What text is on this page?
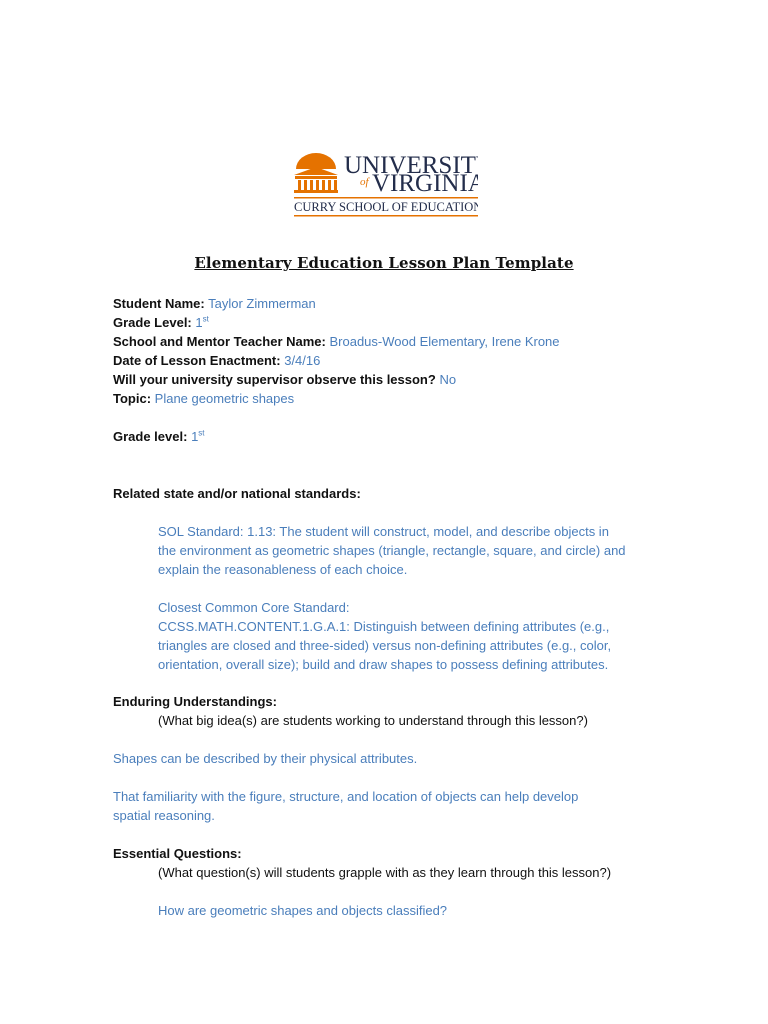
UNIVERSIT
of VIRGINIA
CURRY SCHOOL OF EDUCATION
Elementary Education Lesson Plan Template
Student Name: Taylor Zimmerman
Grade Level: 1st
School and Mentor Teacher Name: Broadus-Wood Elementary, Irene Krone
Date of Lesson Enactment: 3/4/16
Will your university supervisor observe this lesson? No
Topic: Plane geometric shapes
Grade level: 1st
Related state and/or national standards:
SOL Standard: 1.13: The student will construct, model, and describe objects in
the environment as geometric shapes (triangle, rectangle, square, and circle) and
explain the reasonableness of each choice.
Closest Common Core Standard:
CCSS.MATH.CONTENT.1.G.A.1: Distinguish between defining attributes (e.g.,
triangles are closed and three-sided) versus non-defining attributes (e.g., color,
orientation, overall size); build and draw shapes to possess defining attributes.
Enduring Understandings:
(What big idea(s) are students working to understand through this lesson?)
Shapes can be described by their physical attributes.
That familiarity with the figure, structure, and location of objects can help develop
spatial reasoning.
Essential Questions:
(What question(s) will students grapple with as they learn through this lesson?)
How are geometric shapes and objects classified?
